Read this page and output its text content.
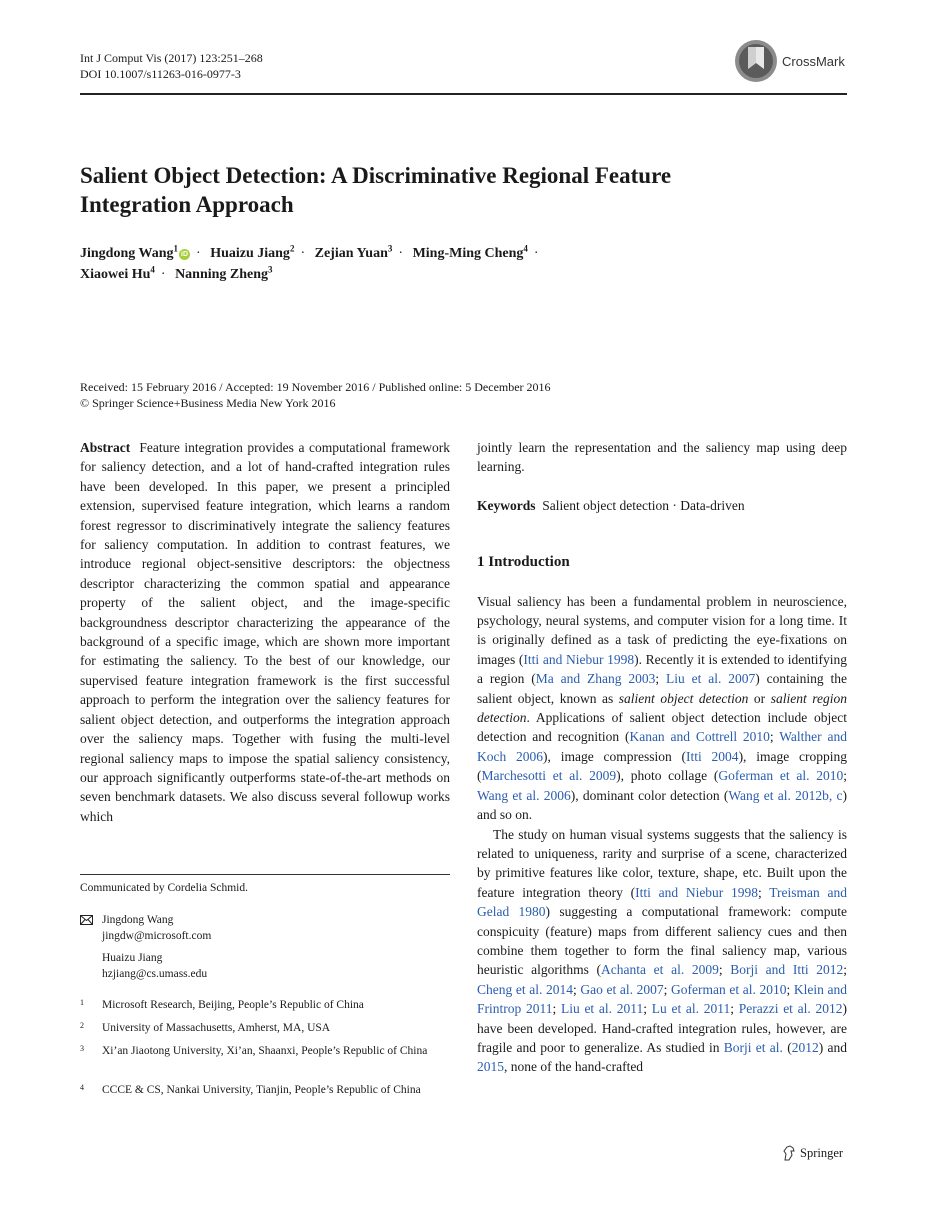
Int J Comput Vis (2017) 123:251–268
DOI 10.1007/s11263-016-0977-3
CrossMark
Salient Object Detection: A Discriminative Regional Feature Integration Approach
Jingdong Wang$^1$iD · Huaizu Jiang$^2$ · Zejian Yuan$^3$ · Ming-Ming Cheng$^4$ ·
Xiaowei $Hu^4$ · Nanning Zheng$^3$
Received: 15 February 2016 / Accepted: 19 November 2016 / Published online: 5 December 2016
© Springer Science+Business Media New York 2016

Abstract Feature integration provides a computational framework for saliency detection, and a lot of hand-crafted integration rules have been developed. In this paper, we present a principled extension, supervised feature integration, which learns a random forest regressor to discriminatively integrate the saliency features for saliency computation. In addition to contrast features, we introduce regional object-sensitive descriptors: the objectness descriptor characterizing the common spatial and appearance property of the salient object, and the image-specific backgroundness descriptor characterizing the appearance of the background of a specific image, which are shown more important for estimating the saliency. To the best of our knowledge, our supervised feature integration framework is the first successful approach to perform the integration over the saliency features for salient object detection, and outperforms the integration approach over the saliency maps. Together with fusing the multi-level regional saliency maps to impose the spatial saliency consistency, our approach significantly outperforms state-of-the-art methods on seven benchmark datasets. We also discuss several followup works which

jointly learn the representation and the saliency map using deep learning.

Keywords Salient object detection · Data-driven

1 Introduction

Visual saliency has been a fundamental problem in neuroscience, psychology, neural systems, and computer vision for a long time. It is originally defined as a task of predicting the eye-fixations on images (Itti and Niebur 1998). Recently it is extended to identifying a region (Ma and Zhang 2003; Liu et al. 2007) containing the salient object, known as salient object detection or salient region detection. Applications of salient object detection include object detection and recognition (Kanan and Cottrell 2010; Walther and Koch 2006), image compression (Itti 2004), image cropping (Marchesotti et al. 2009), photo collage (Goferman et al. 2010; Wang et al. 2006), dominant color detection (Wang et al. 2012b, c) and so on.

The study on human visual systems suggests that the saliency is related to uniqueness, rarity and surprise of a scene, characterized by primitive features like color, texture, shape, etc. Built upon the feature integration theory (Itti and Niebur 1998; Treisman and Gelad 1980) suggesting a computational framework: compute conspicuity (feature) maps from different saliency cues and then combine them together to form the final saliency map, various heuristic algorithms (Achanta et al. 2009; Borji and Itti 2012; Cheng et al. 2014; Gao et al. 2007; Goferman et al. 2010; Klein and Frintrop 2011; Liu et al. 2011; Lu et al. 2011; Perazzi et al. 2012) have been developed. Hand-crafted integration rules, however, are fragile and poor to generalize. As studied in Borji et al. (2012) and 2015, none of the hand-crafted

Communicated by Cordelia Schmid.
Jingdong Wang
jingdw@microsoft.com
Huaizu Jiang
hzjiang@cs.umass.edu
1 Microsoft Research, Beijing, People’s Republic of China
2 University of Massachusetts, Amherst, MA, USA
3 Xi’an Jiaotong University, Xi’an, Shaanxi, People’s Republic of China
4 CCCE & CS, Nankai University, Tianjin, People’s Republic of China
Springer
